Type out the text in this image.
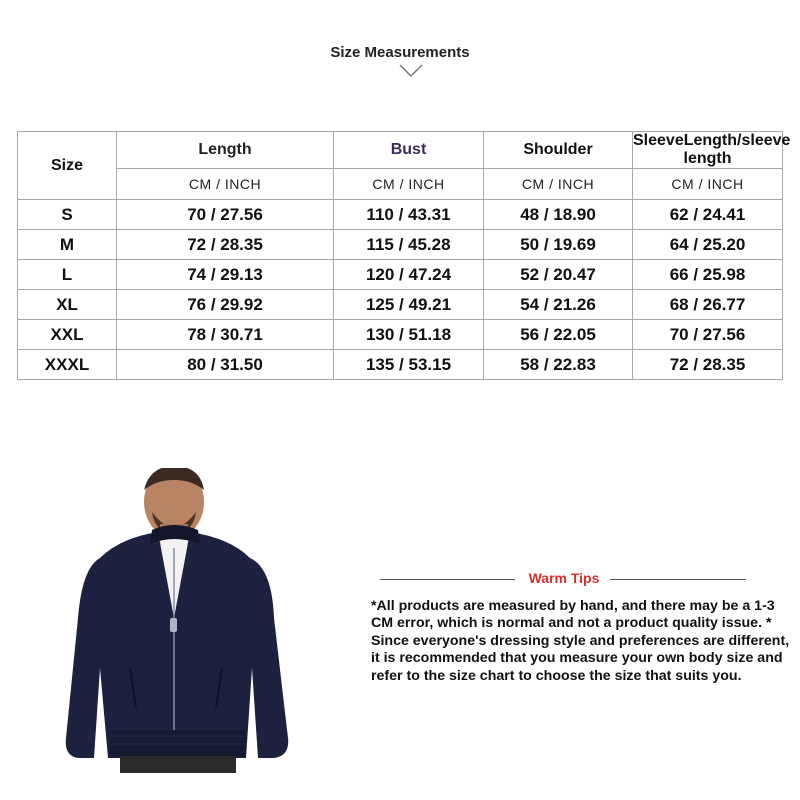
Size Measurements
Size	Length	Bust	Shoulder	SleeveLength/sleeve length
	CM / INCH	CM / INCH	CM / INCH	CM / INCH
S	70 / 27.56	110 / 43.31	48 / 18.90	62 / 24.41
M	72 / 28.35	115 / 45.28	50 / 19.69	64 / 25.20
L	74 / 29.13	120 / 47.24	52 / 20.47	66 / 25.98
XL	76 / 29.92	125 / 49.21	54 / 21.26	68 / 26.77
XXL	78 / 30.71	130 / 51.18	56 / 22.05	70 / 27.56
XXXL	80 / 31.50	135 / 53.15	58 / 22.83	72 / 28.35
Warm Tips
*All products are measured by hand, and there may be a 1-3
CM error, which is normal and not a product quality issue. *
Since everyone's dressing style and preferences are different,
it is recommended that you measure your own body size and
refer to the size chart to choose the size that suits you.
